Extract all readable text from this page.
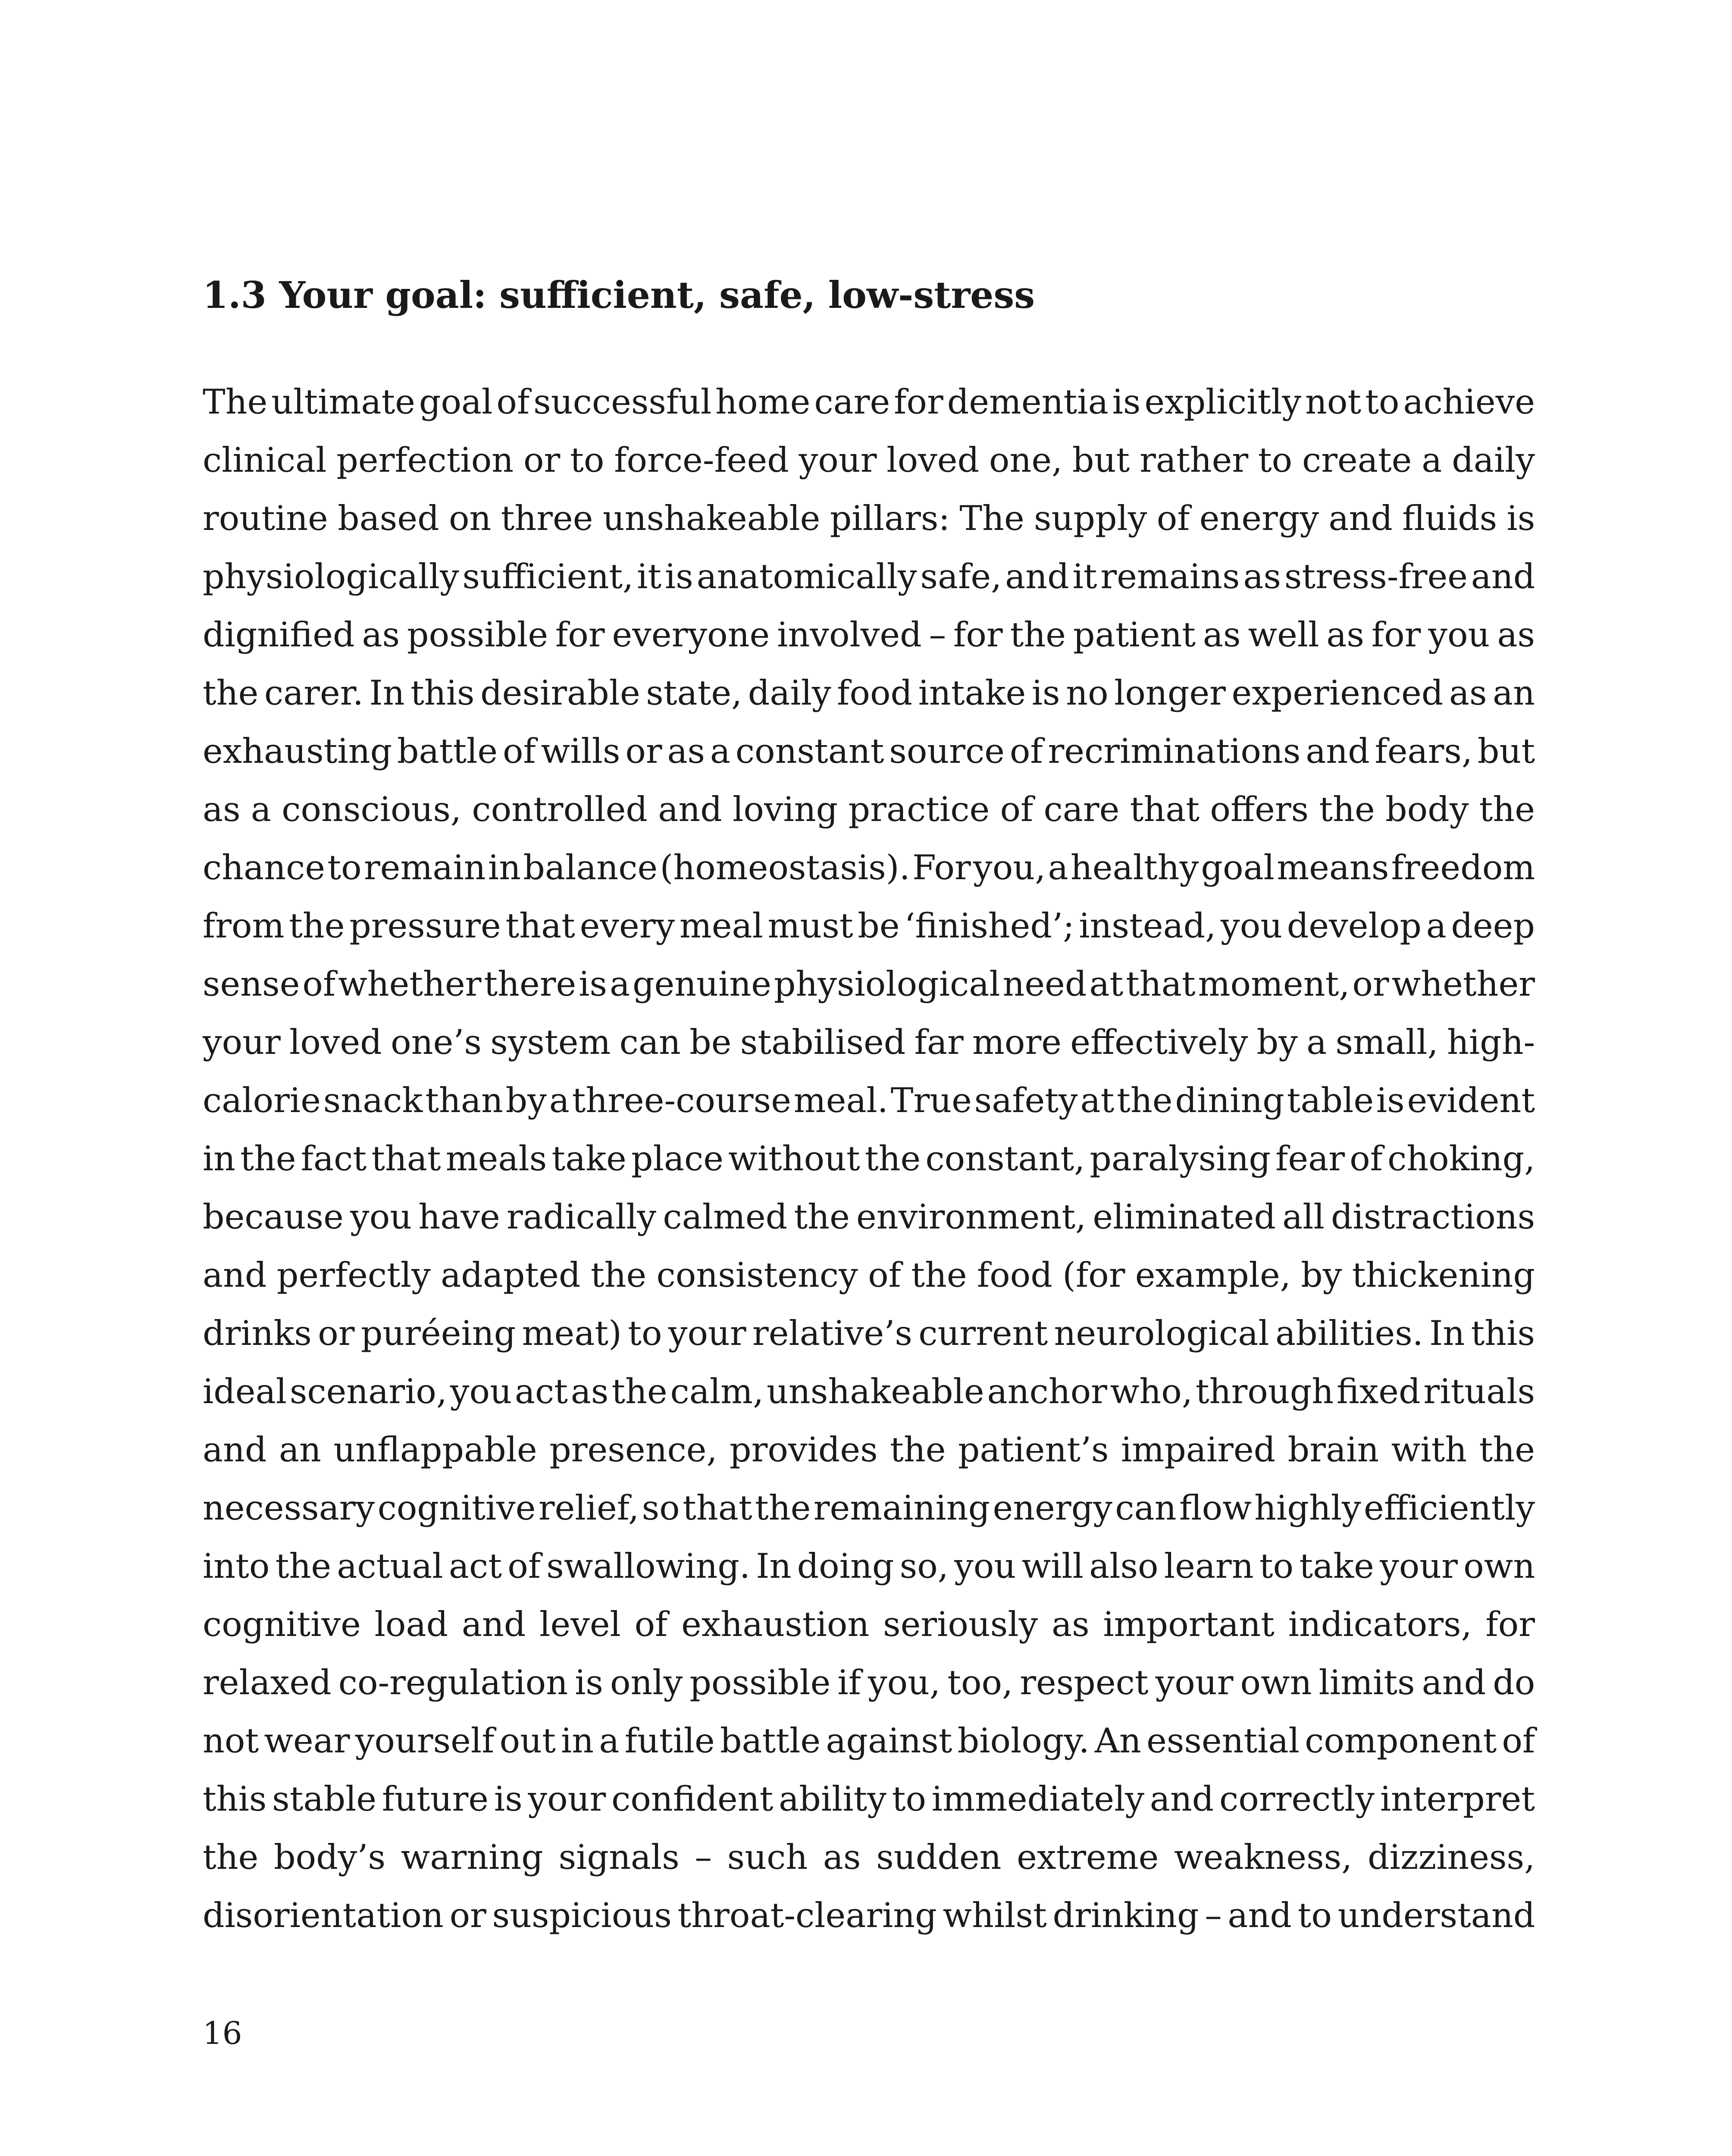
1.3 Your goal: sufficient, safe, low-stress
The ultimate goal of successful home care for dementia is explicitly not to achieve
clinical perfection or to force-feed your loved one, but rather to create a daily
routine based on three unshakeable pillars: The supply of energy and fluids is
physiologically sufficient, it is anatomically safe, and it remains as stress-free and
dignified as possible for everyone involved – for the patient as well as for you as
the carer. In this desirable state, daily food intake is no longer experienced as an
exhausting battle of wills or as a constant source of recriminations and fears, but
as a conscious, controlled and loving practice of care that offers the body the
chance to remain in balance (homeostasis). For you, a healthy goal means freedom
from the pressure that every meal must be ‘finished’; instead, you develop a deep
sense of whether there is a genuine physiological need at that moment, or whether
your loved one’s system can be stabilised far more effectively by a small, high-
calorie snack than by a three-course meal. True safety at the dining table is evident
in the fact that meals take place without the constant, paralysing fear of choking,
because you have radically calmed the environment, eliminated all distractions
and perfectly adapted the consistency of the food (for example, by thickening
drinks or puréeing meat) to your relative’s current neurological abilities. In this
ideal scenario, you act as the calm, unshakeable anchor who, through fixed rituals
and an unflappable presence, provides the patient’s impaired brain with the
necessary cognitive relief, so that the remaining energy can flow highly efficiently
into the actual act of swallowing. In doing so, you will also learn to take your own
cognitive load and level of exhaustion seriously as important indicators, for
relaxed co-regulation is only possible if you, too, respect your own limits and do
not wear yourself out in a futile battle against biology. An essential component of
this stable future is your confident ability to immediately and correctly interpret
the body’s warning signals – such as sudden extreme weakness, dizziness,
disorientation or suspicious throat-clearing whilst drinking – and to understand

16
